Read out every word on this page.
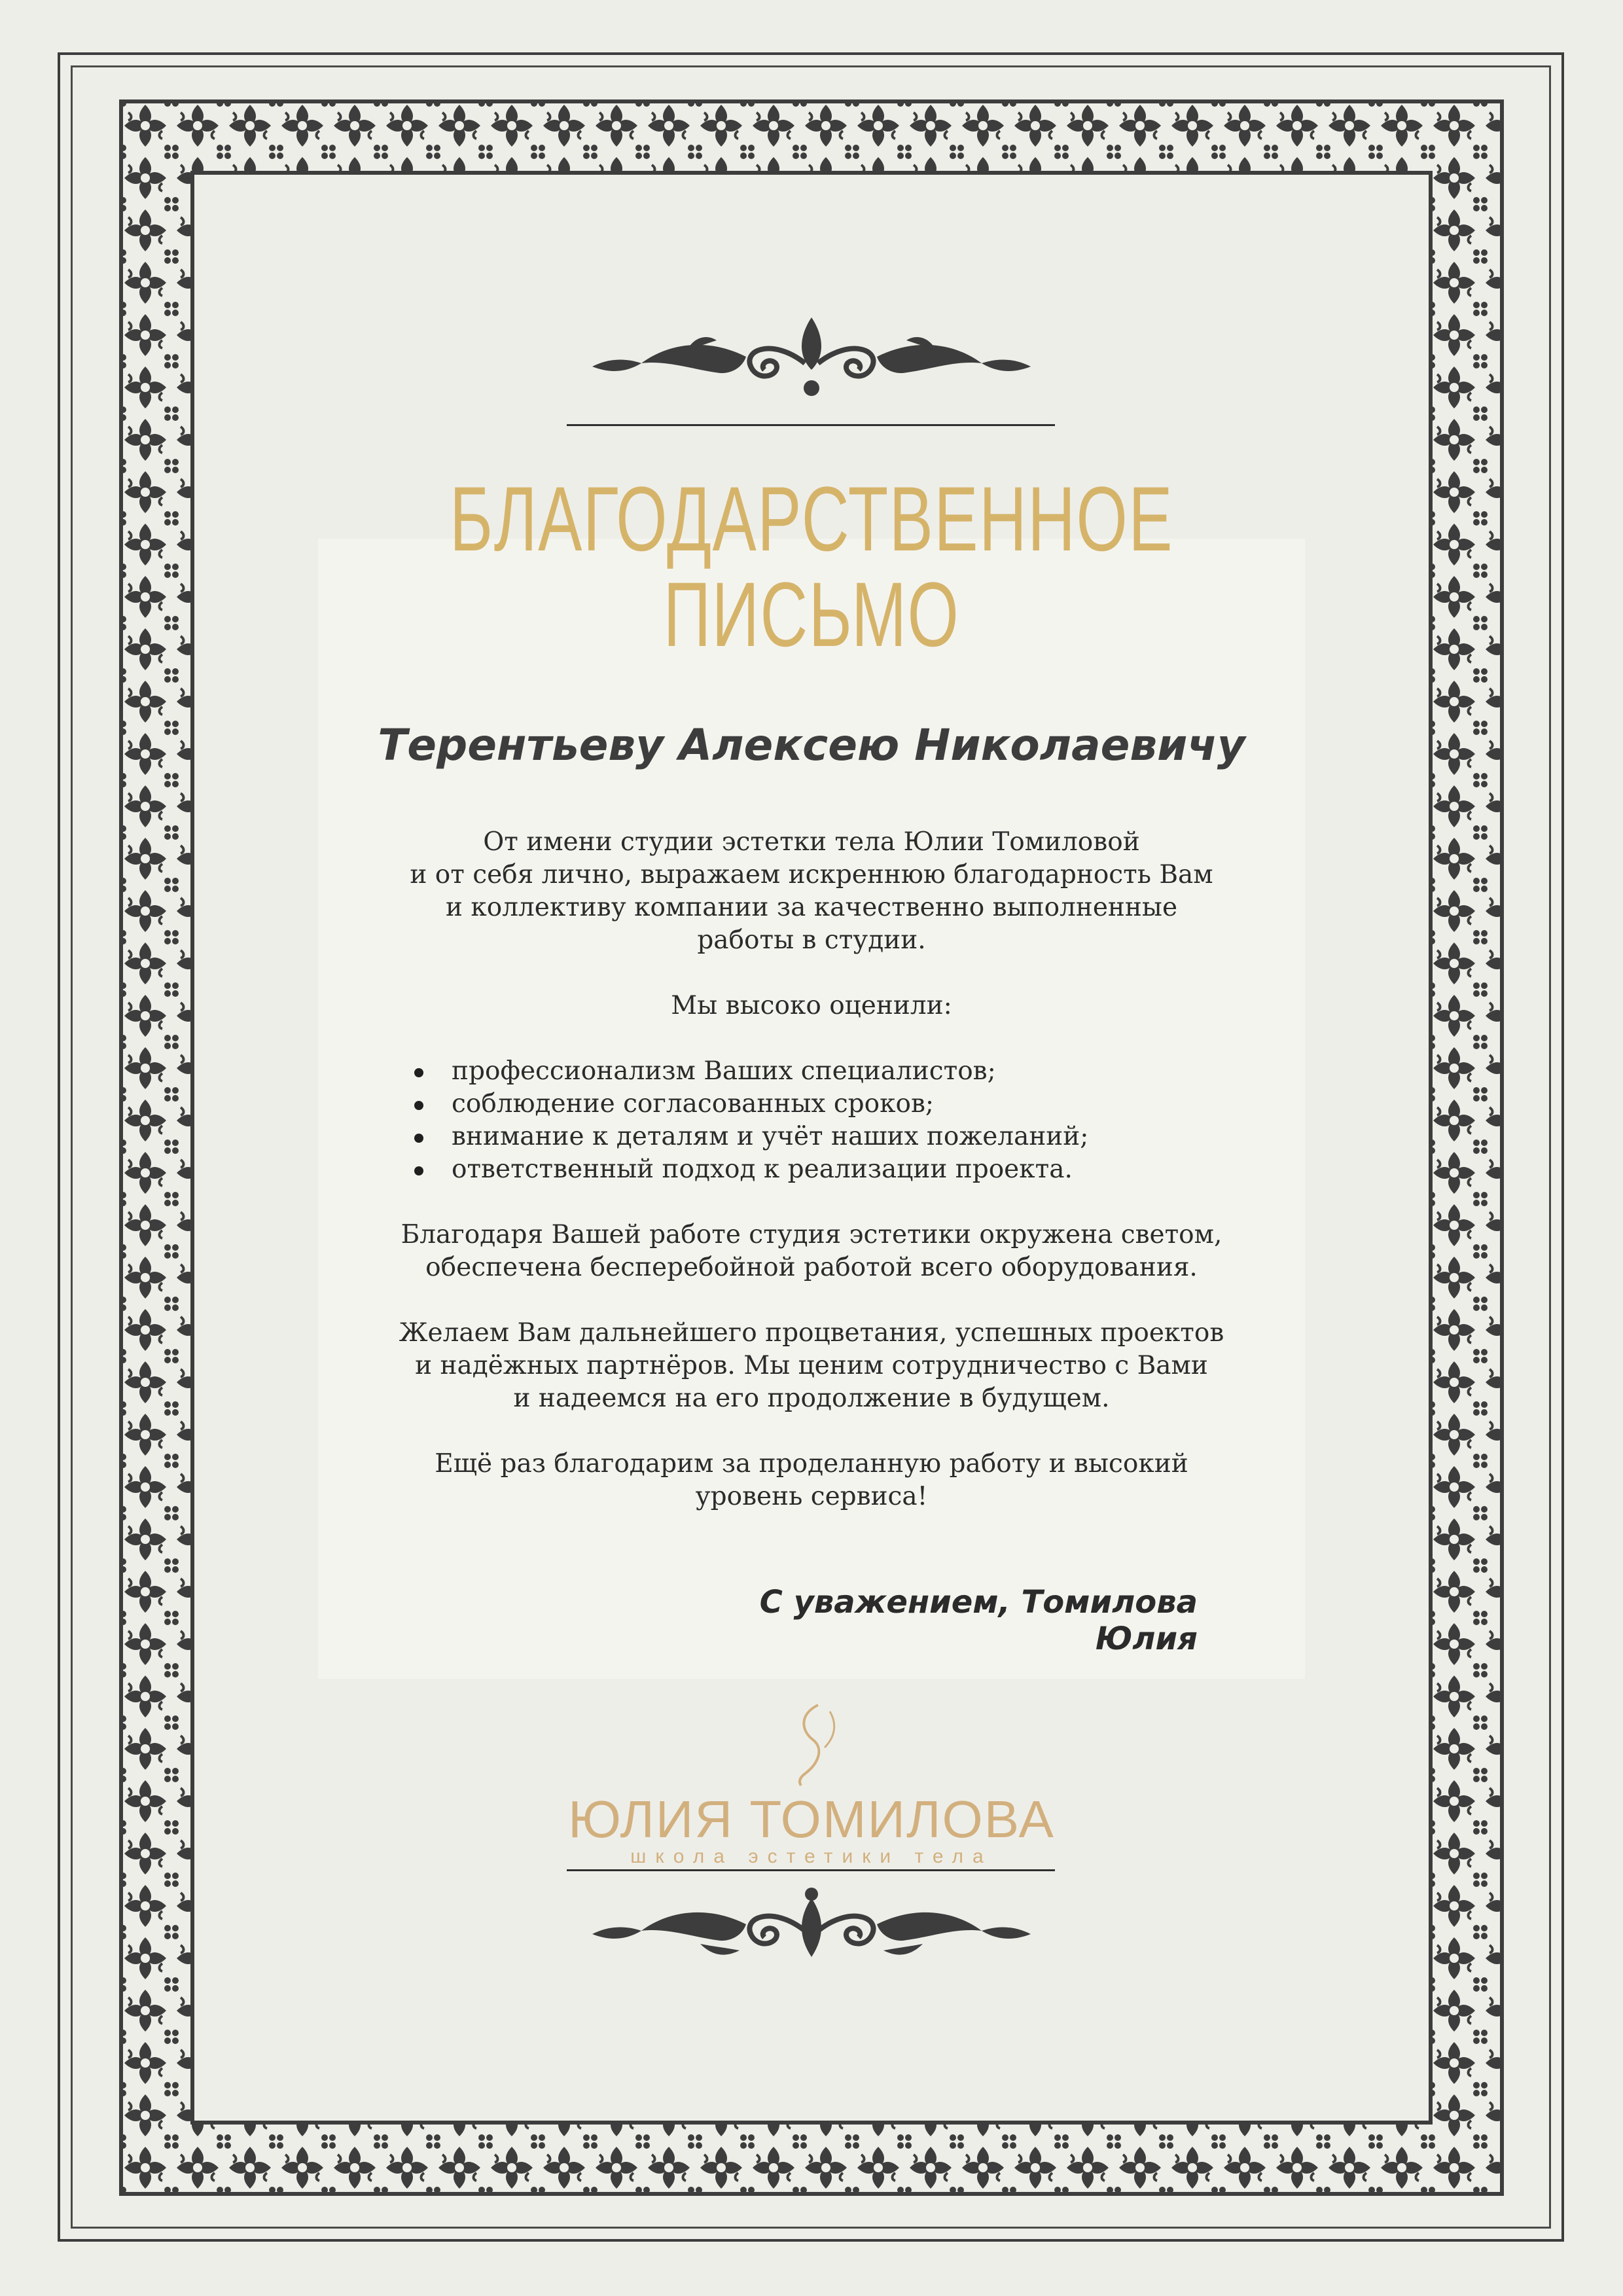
БЛАГОДАРСТВЕННОЕ
ПИСЬМО
Терентьеву Алексею Николаевичу

От имени студии эстетки тела Юлии Томиловой

и от себя лично, выражаем искреннюю благодарность Вам

и коллективу компании за качественно выполненные

работы в студии.

Мы высоко оценили:

профессионализм Ваших специалистов;
соблюдение согласованных сроков;
внимание к деталям и учёт наших пожеланий;
ответственный подход к реализации проекта.

Благодаря Вашей работе студия эстетики окружена светом,

обеспечена бесперебойной работой всего оборудования.

Желаем Вам дальнейшего процветания, успешных проектов

и надёжных партнёров. Мы ценим сотрудничество с Вами

и надеемся на его продолжение в будущем.

Ещё раз благодарим за проделанную работу и высокий

уровень сервиса!

С уважением, Томилова Юлия
ЮЛИЯ ТОМИЛОВА
школа эстетики тела
